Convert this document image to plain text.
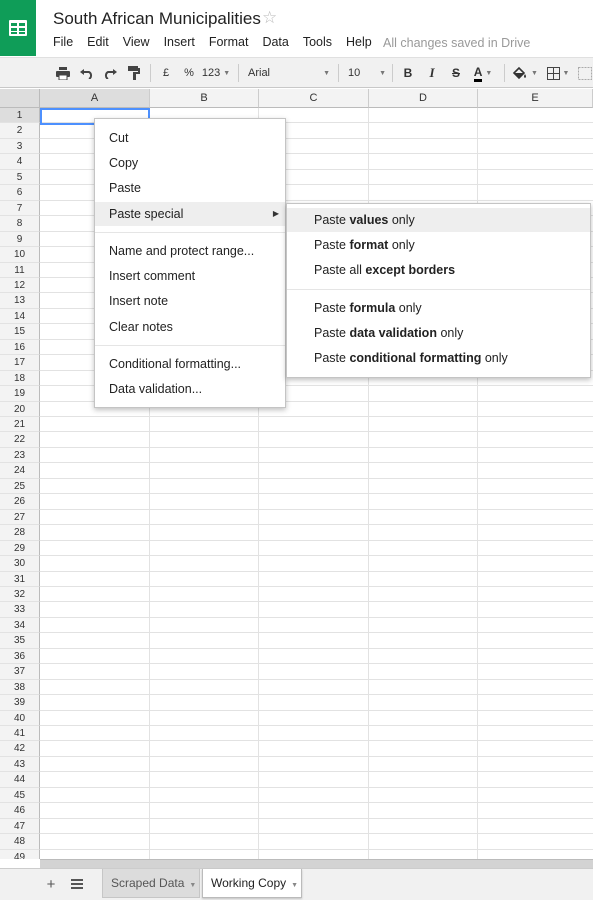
South African Municipalities ☆
File	Edit	View	Insert	Format	Data	Tools	Help All changes saved in Drive
£	% 123 ▼ Arial	▼ 10	▼	B	I	S	A ▼	▼	▼
A	B	C	D	E
1
2
3
4
5
6
7
8
9
10
11
12
13
14
15
16
17
18
19
20
21
22
23
24
25
26
27
28
29
30
31
32
33
34
35
36
37
38
39
40
41
42
43
44
45
46
47
48
49
+	Scraped Data ▼	Working Copy ▼
Cut
Copy
Paste
Paste special	▶
Name and protect range...
Insert comment
Insert note
Clear notes
Conditional formatting...
Data validation...
Paste values only
Paste format only
Paste all except borders
Paste formula only
Paste data validation only
Paste conditional formatting only
